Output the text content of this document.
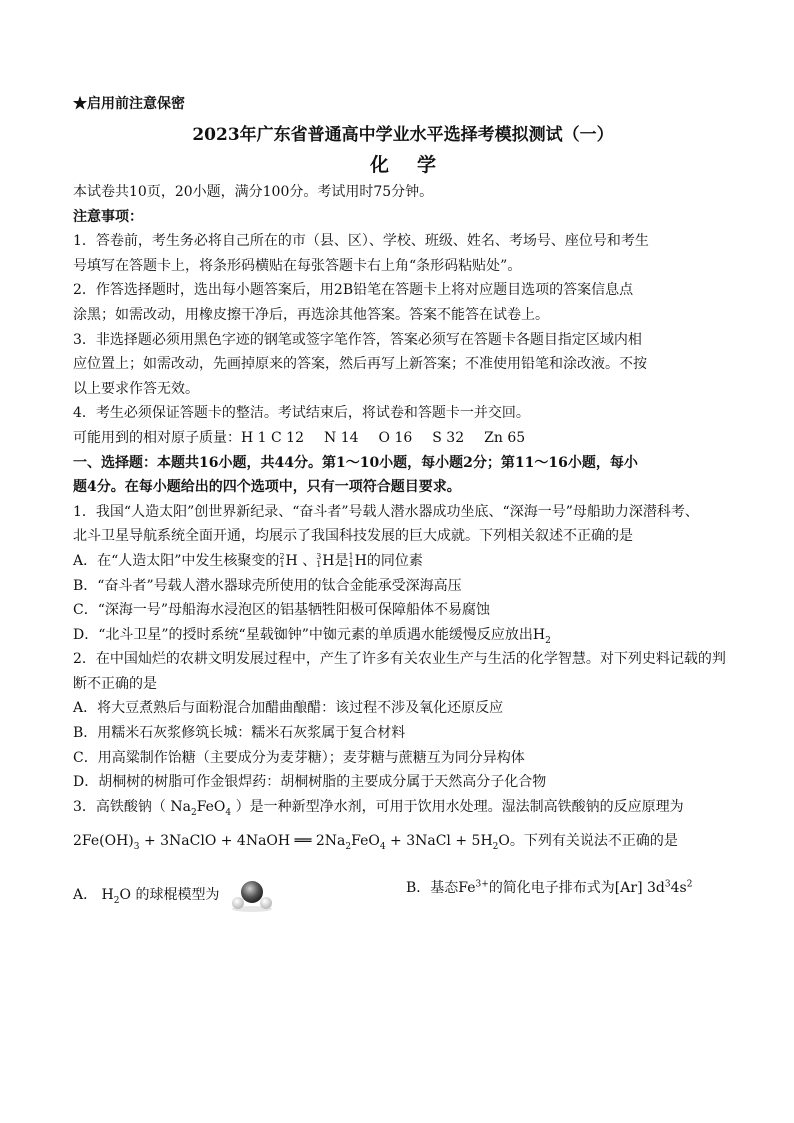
★启用前注意保密
2023年广东省普通高中学业水平选择考模拟测试（一）
化学
本试卷共10页，20小题，满分100分。考试用时75分钟。
注意事项：
1．答卷前，考生务必将自己所在的市（县、区）、学校、班级、姓名、考场号、座位号和考生
号填写在答题卡上，将条形码横贴在每张答题卡右上角“条形码粘贴处”。
2．作答选择题时，选出每小题答案后，用2B铅笔在答题卡上将对应题目选项的答案信息点
涂黑；如需改动，用橡皮擦干净后，再选涂其他答案。答案不能答在试卷上。
3．非选择题必须用黑色字迹的钢笔或签字笔作答，答案必须写在答题卡各题目指定区域内相
应位置上；如需改动，先画掉原来的答案，然后再写上新答案；不准使用铅笔和涂改液。不按
以上要求作答无效。
4．考生必须保证答题卡的整洁。考试结束后，将试卷和答题卡一并交回。
可能用到的相对原子质量：H 1 C 12 N 14 O 16 S 32 Zn 65
一、选择题：本题共16小题，共44分。第1～10小题，每小题2分；第11～16小题，每小
题4分。在每小题给出的四个选项中，只有一项符合题目要求。
1．我国“人造太阳”创世界新纪录、“奋斗者”号载人潜水器成功坐底、“深海一号”母船助力深潜科考、
北斗卫星导航系统全面开通，均展示了我国科技发展的巨大成就。下列相关叙述不正确的是
A．在“人造太阳”中发生核聚变的 2
1 H 、 3
1 H是 1
1 H的同位素
B．“奋斗者”号载人潜水器球壳所使用的钛合金能承受深海高压
C．“深海一号”母船海水浸泡区的铝基牺牲阳极可保障船体不易腐蚀
D．“北斗卫星”的授时系统“星载铷钟”中铷元素的单质遇水能缓慢反应放出$H_2$
2．在中国灿烂的农耕文明发展过程中，产生了许多有关农业生产与生活的化学智慧。对下列史料记载的判
断不正确的是
A．将大豆煮熟后与面粉混合加醋曲酿醋：该过程不涉及氧化还原反应
B．用糯米石灰浆修筑长城：糯米石灰浆属于复合材料
C．用高粱制作饴糖（主要成分为麦芽糖）；麦芽糖与蔗糖互为同分异构体
D．胡桐树的树脂可作金银焊药：胡桐树脂的主要成分属于天然高分子化合物
3．高铁酸钠（ $Na_2FeO_4$ ）是一种新型净水剂，可用于饮用水处理。湿法制高铁酸钠的反应原理为
$2Fe(OH)_3$ + 3NaClO + 4NaOH ══ $2Na_2FeO_4$ + 3NaCl + $5H_2O$。下列有关说法不正确的是
A． $H_2O$ 的球棍模型为	B．基态$Fe^{3+}$的简化电子排布式为[Ar] $3d^34s^2$
